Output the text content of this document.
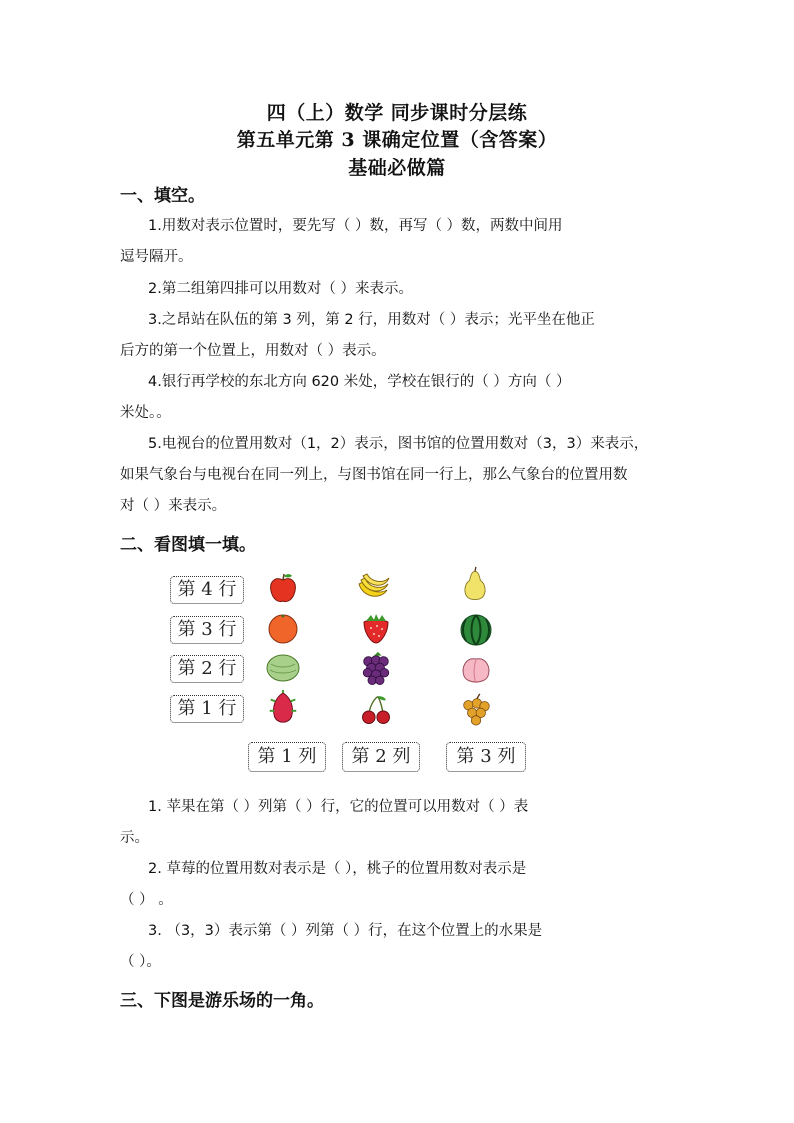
四（上）数学 同步课时分层练
第五单元第 3 课确定位置（含答案）
基础必做篇
一、填空。
1.用数对表示位置时，要先写（ ）数，再写（ ）数，两数中间用
逗号隔开。
2.第二组第四排可以用数对（ ）来表示。
3.之昂站在队伍的第 3 列，第 2 行，用数对（ ）表示；光平坐在他正
后方的第一个位置上，用数对（ ）表示。
4.银行再学校的东北方向 620 米处，学校在银行的（ ）方向（ ）
米处。。
5.电视台的位置用数对（1，2）表示，图书馆的位置用数对（3，3）来表示，
如果气象台与电视台在同一列上，与图书馆在同一行上，那么气象台的位置用数
对（ ）来表示。
二、看图填一填。
第 4 行
第 3 行
第 2 行
第 1 行
第 1 列	第 2 列	第 3 列
1. 苹果在第（ ）列第（ ）行，它的位置可以用数对（ ）表
示。
2. 草莓的位置用数对表示是（ ），桃子的位置用数对表示是
（ ） 。
3. （3，3）表示第（ ）列第（ ）行，在这个位置上的水果是
（ ）。
三、下图是游乐场的一角。
